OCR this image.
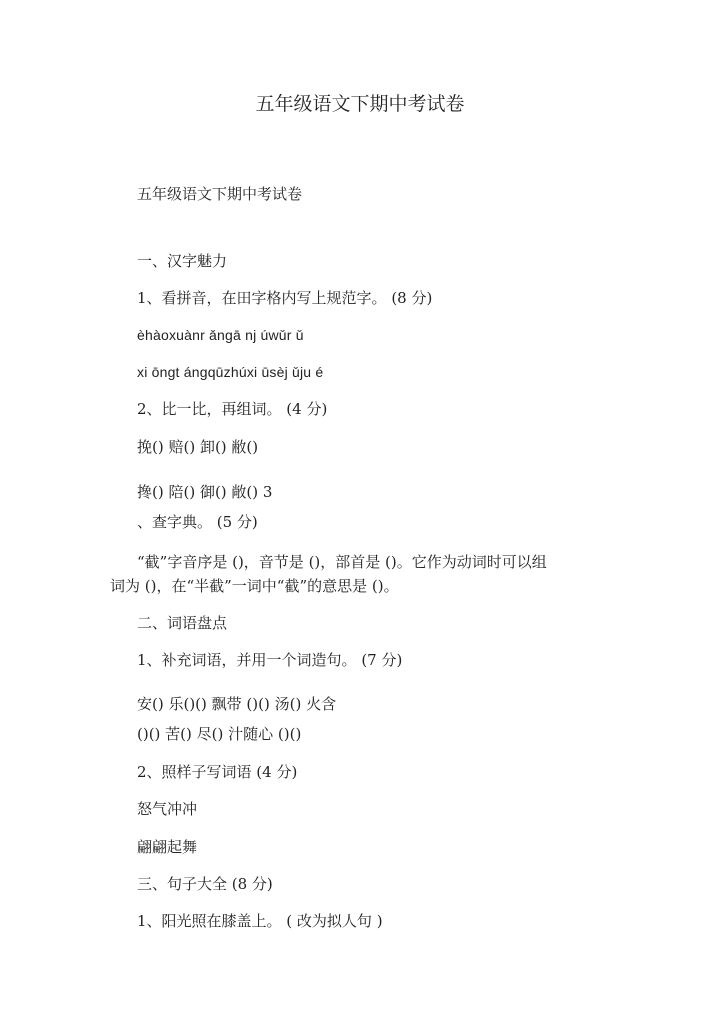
五年级语文下期中考试卷
五年级语文下期中考试卷
一、汉字魅力
1、看拼音，在田字格内写上规范字。 (8 分)
èhàoxuànr ǎngā nj úwǔr ǔ
xi ōngt ángqūzhúxi ūsèj ǔju é
2、比一比，再组词。 (4 分)
挽() 赔() 卸() 敝()
搀() 陪() 御() 敞() 3
、查字典。 (5 分)
“截”字音序是 ()，音节是 ()，部首是 ()。它作为动词时可以组
词为 ()，在“半截”一词中“截”的意思是 ()。
二、词语盘点
1、补充词语，并用一个词造句。 (7 分)
安() 乐()() 飘带 ()() 汤() 火含
()() 苦() 尽() 汁随心 ()()
2、照样子写词语 (4 分)
怒气冲冲
翩翩起舞
三、句子大全 (8 分)
1、阳光照在膝盖上。 ( 改为拟人句 )
